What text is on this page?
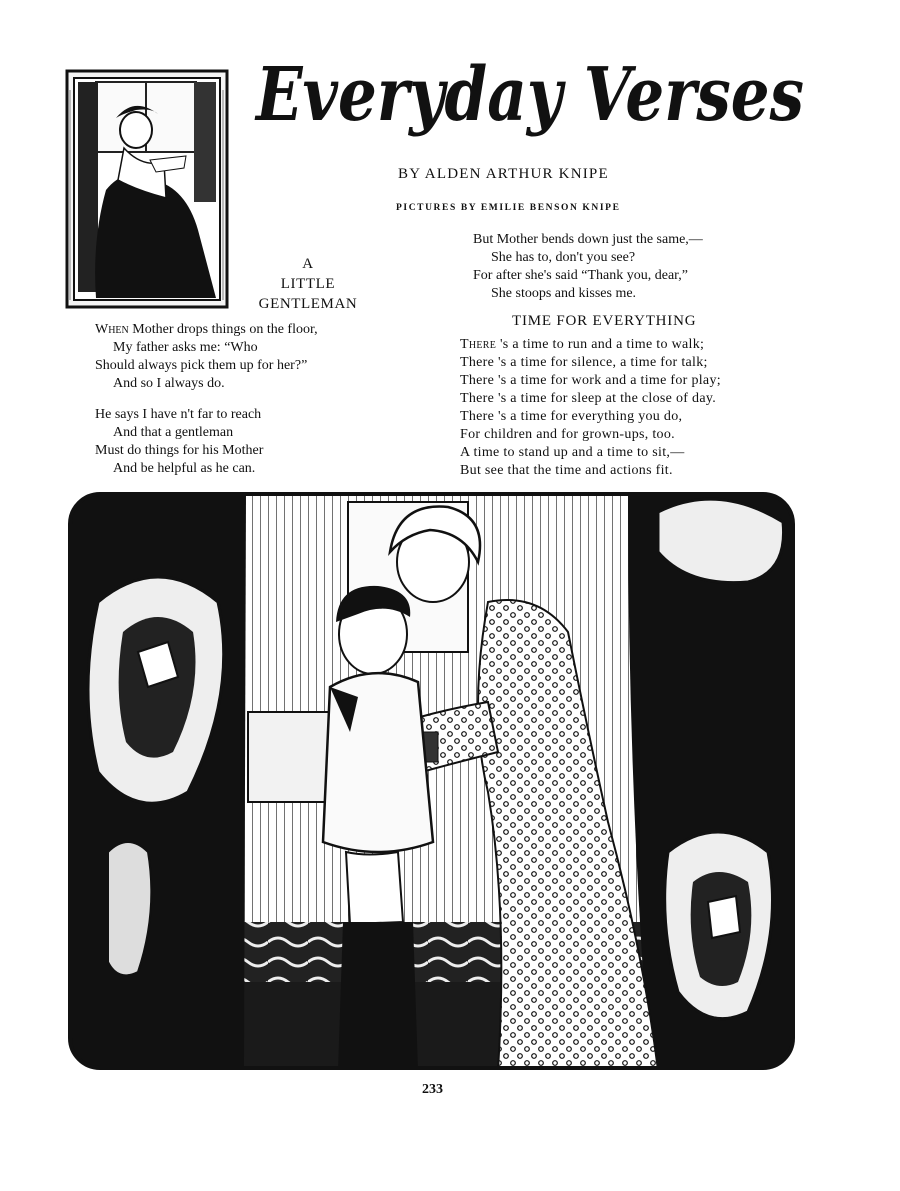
Everyday Verses
BY ALDEN ARTHUR KNIPE
PICTURES BY EMILIE BENSON KNIPE
A
LITTLE
GENTLEMAN
When Mother drops things on the floor,
My father asks me: “Who
Should always pick them up for her?”
And so I always do.
He says I have n't far to reach
And that a gentleman
Must do things for his Mother
And be helpful as he can.
But Mother bends down just the same,—
She has to, don't you see?
For after she's said “Thank you, dear,”
She stoops and kisses me.
TIME FOR EVERYTHING
There 's a time to run and a time to walk;
There 's a time for silence, a time for talk;
There 's a time for work and a time for play;
There 's a time for sleep at the close of day.
There 's a time for everything you do,
For children and for grown-ups, too.
A time to stand up and a time to sit,—
But see that the time and actions fit.
233
